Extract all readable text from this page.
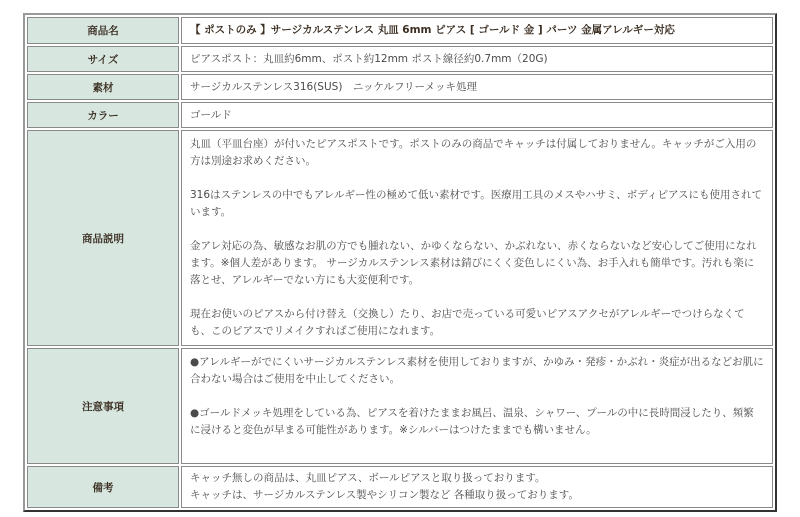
商品名	【 ポストのみ 】サージカルステンレス 丸皿 6mm ピアス [ ゴールド 金 ] パーツ 金属アレルギー対応
サイズ	ピアスポスト：丸皿約6mm、ポスト約12mm ポスト線径約0.7mm（20G)
素材	サージカルステンレス316(SUS)　ニッケルフリーメッキ処理
カラー	ゴールド
商品説明	丸皿（平皿台座）が付いたピアスポストです。ポストのみの商品でキャッチは付属しておりません。キャッチがご入用の方は別途お求めください。

316はステンレスの中でもアレルギー性の極めて低い素材です。医療用工具のメスやハサミ、ボディピアスにも使用されています。

金アレ対応の為、敏感なお肌の方でも腫れない、かゆくならない、かぶれない、赤くならないなど安心してご使用になれます。※個人差があります。 サージカルステンレス素材は錆びにくく変色しにくい為、お手入れも簡単です。汚れも楽に落とせ、アレルギーでない方にも大変便利です。

現在お使いのピアスから付け替え（交換し）たり、お店で売っている可愛いピアスアクセがアレルギーでつけらなくても、このピアスでリメイクすればご使用になれます。

注意事項	●アレルギーがでにくいサージカルステンレス素材を使用しておりますが、かゆみ・発疹・かぶれ・炎症が出るなどお肌に合わない場合はご使用を中止してください。

●ゴールドメッキ処理をしている為、ピアスを着けたままお風呂、温泉、シャワー、プールの中に長時間浸したり、頻繁に浸けると変色が早まる可能性があります。※シルバーはつけたままでも構いません。

備考	キャッチ無しの商品は、丸皿ピアス、ボールピアスと取り扱っております。
キャッチは、サージカルステンレス製やシリコン製など 各種取り扱っております。
